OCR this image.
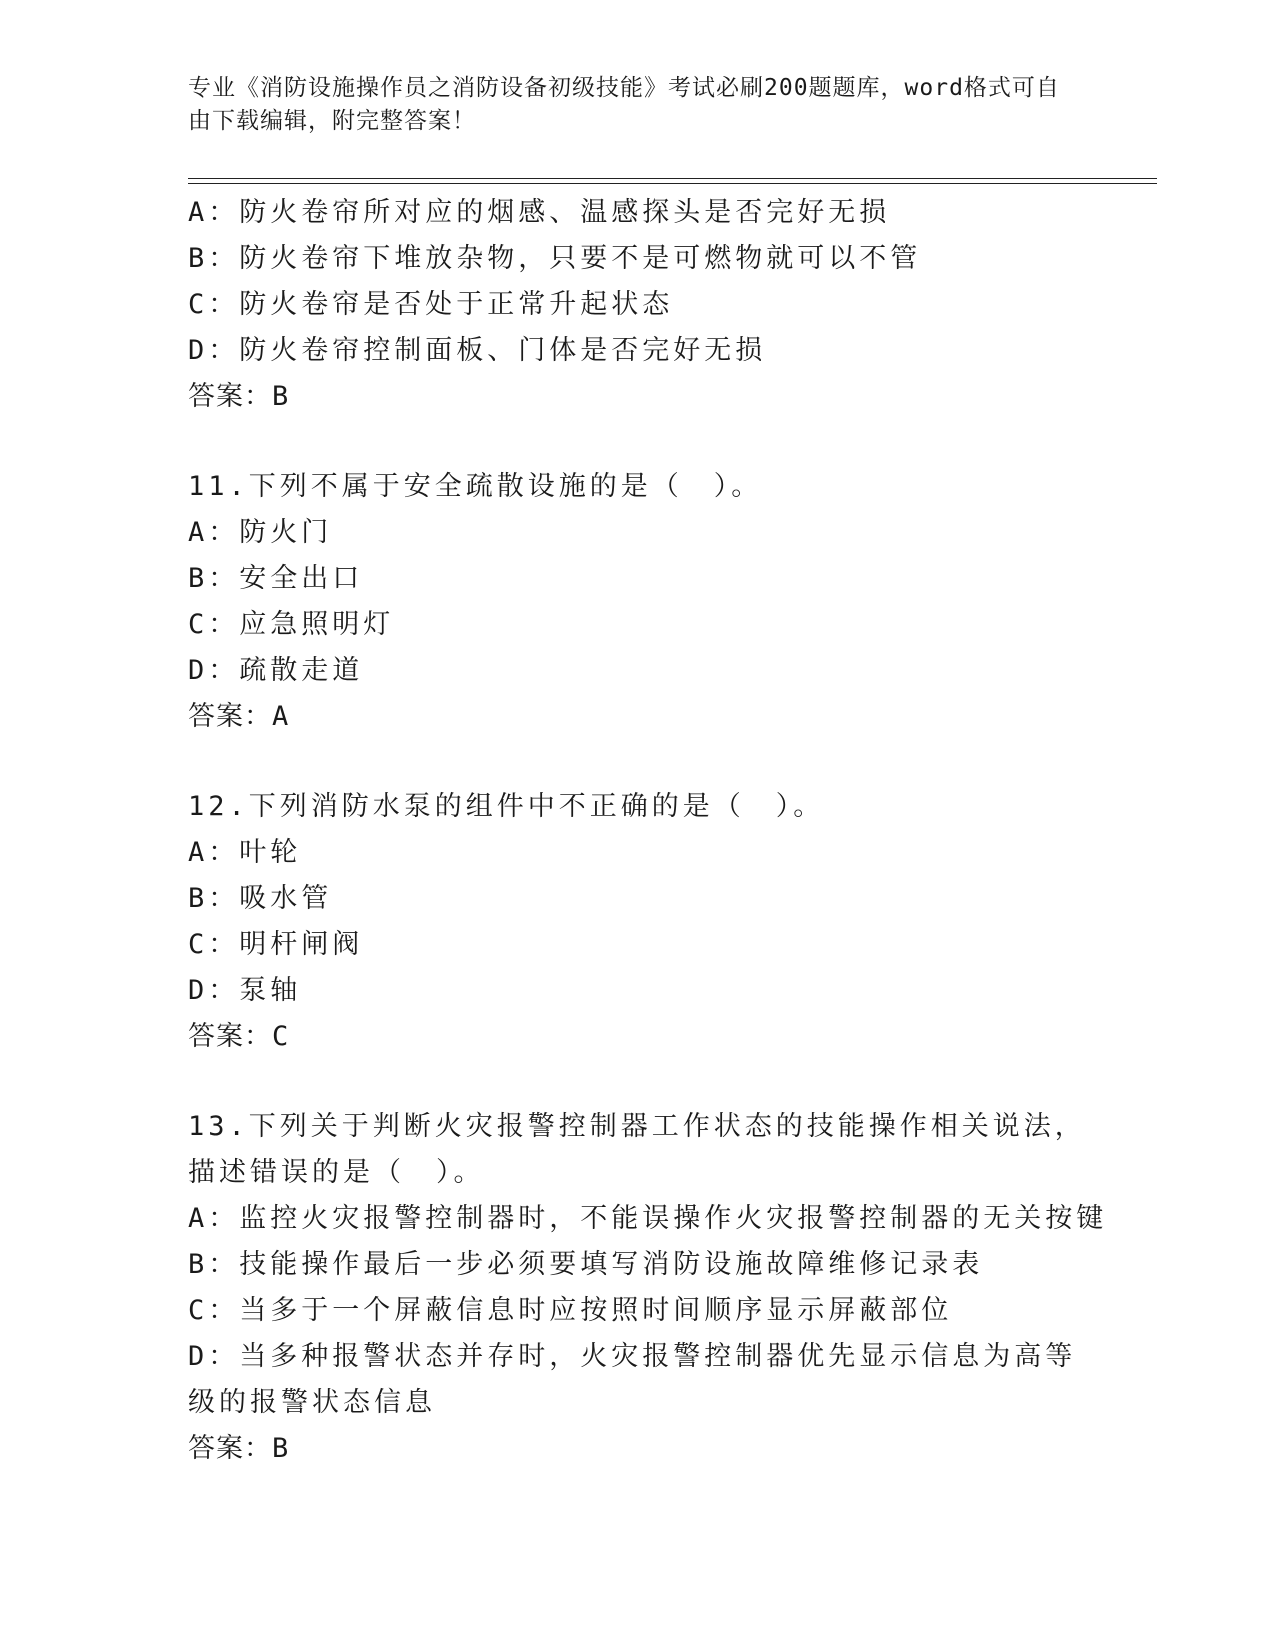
专业《消防设施操作员之消防设备初级技能》考试必刷200题题库，word格式可自由下载编辑，附完整答案！
A：防火卷帘所对应的烟感、温感探头是否完好无损
B：防火卷帘下堆放杂物，只要不是可燃物就可以不管
C：防火卷帘是否处于正常升起状态
D：防火卷帘控制面板、门体是否完好无损
答案：B
11.下列不属于安全疏散设施的是（　）。
A：防火门
B：安全出口
C：应急照明灯
D：疏散走道
答案：A
12.下列消防水泵的组件中不正确的是（　）。
A：叶轮
B：吸水管
C：明杆闸阀
D：泵轴
答案：C
13.下列关于判断火灾报警控制器工作状态的技能操作相关说法，描述错误的是（　）。
A：监控火灾报警控制器时，不能误操作火灾报警控制器的无关按键
B：技能操作最后一步必须要填写消防设施故障维修记录表
C：当多于一个屏蔽信息时应按照时间顺序显示屏蔽部位
D：当多种报警状态并存时，火灾报警控制器优先显示信息为高等级的报警状态信息
答案：B
